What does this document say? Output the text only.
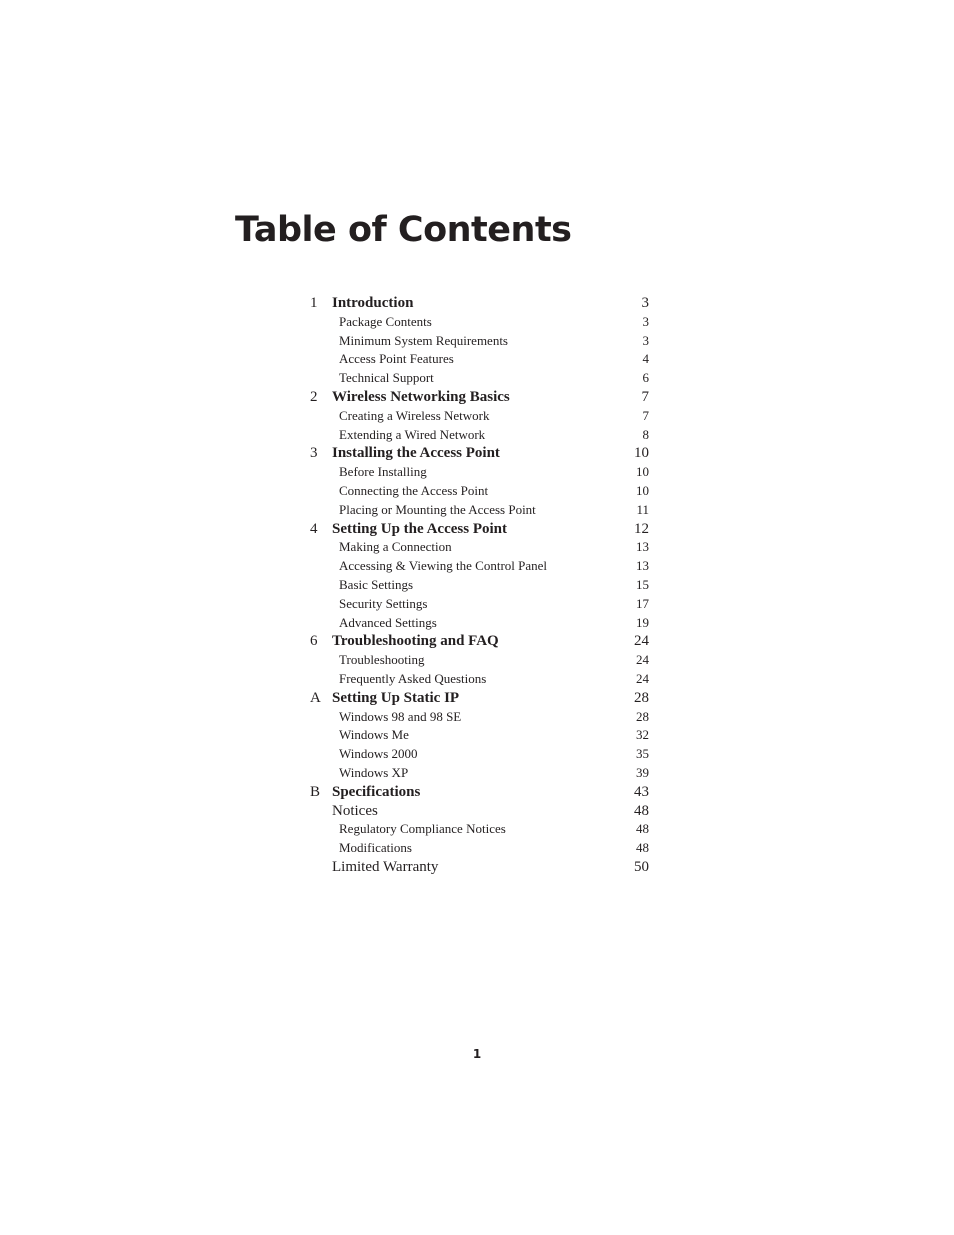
Table of Contents
1 Introduction	3
Package Contents	3
Minimum System Requirements	3
Access Point Features	4
Technical Support	6
2 Wireless Networking Basics	7
Creating a Wireless Network	7
Extending a Wired Network	8
3 Installing the Access Point	10
Before Installing	10
Connecting the Access Point	10
Placing or Mounting the Access Point	11
4 Setting Up the Access Point	12
Making a Connection	13
Accessing & Viewing the Control Panel	13
Basic Settings	15
Security Settings	17
Advanced Settings	19
6 Troubleshooting and FAQ	24
Troubleshooting	24
Frequently Asked Questions	24
A Setting Up Static IP	28
Windows 98 and 98 SE	28
Windows Me	32
Windows 2000	35
Windows XP	39
B Specifications	43
Notices	48
Regulatory Compliance Notices	48
Modifications	48
Limited Warranty	50
1
